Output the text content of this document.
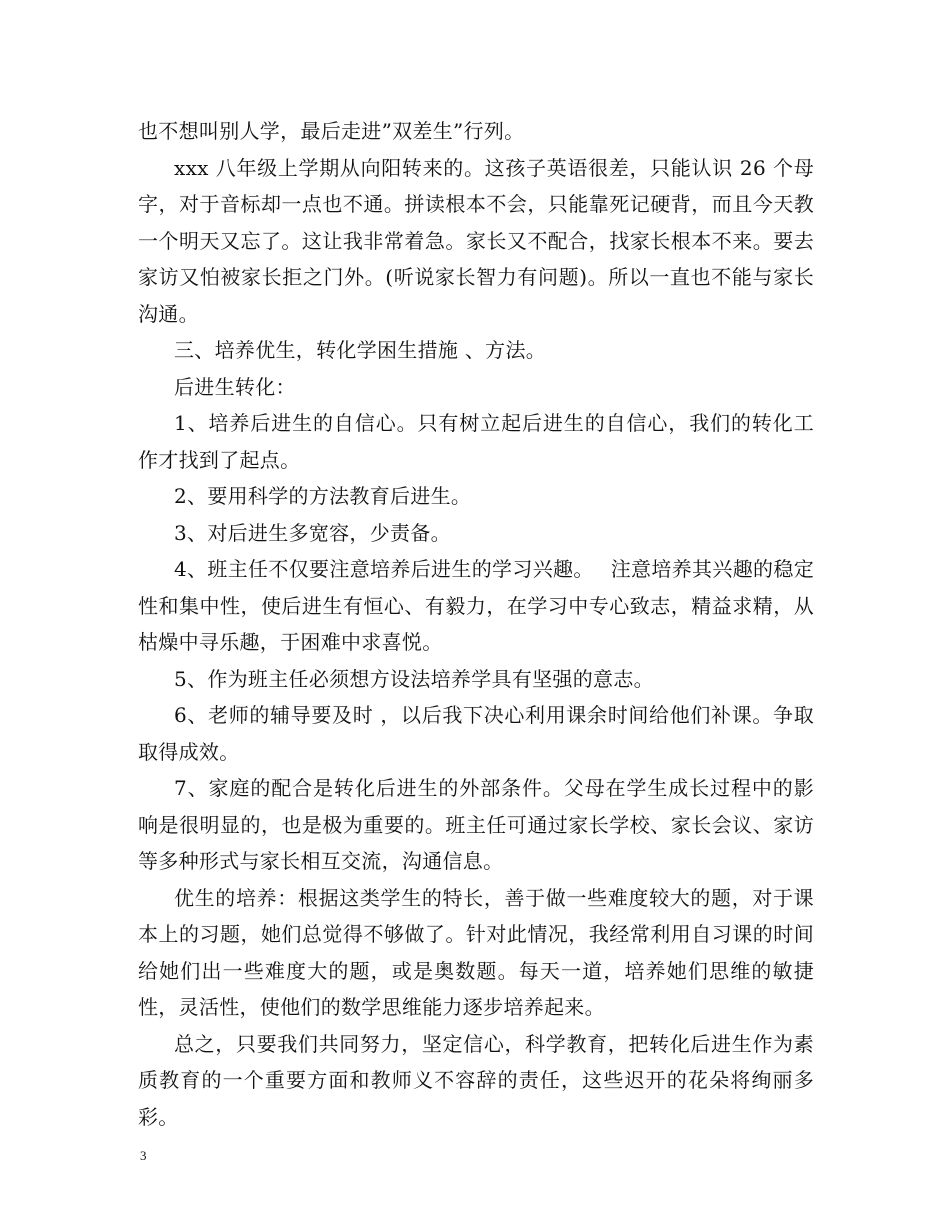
也不想叫别人学，最后走进”双差生”行列。

xxx 八年级上学期从向阳转来的。这孩子英语很差，只能认识 26 个母字，对于音标却一点也不通。拼读根本不会，只能靠死记硬背，而且今天教一个明天又忘了。这让我非常着急。家长又不配合，找家长根本不来。要去家访又怕被家长拒之门外。(听说家长智力有问题)。所以一直也不能与家长沟通。

三、培养优生，转化学困生措施 、方法。

后进生转化：

1、培养后进生的自信心。只有树立起后进生的自信心，我们的转化工作才找到了起点。

2、要用科学的方法教育后进生。

3、对后进生多宽容，少责备。

4、班主任不仅要注意培养后进生的学习兴趣。　 注意培养其兴趣的稳定性和集中性，使后进生有恒心、有毅力，在学习中专心致志，精益求精，从枯燥中寻乐趣，于困难中求喜悦。

5、作为班主任必须想方设法培养学具有坚强的意志。

6、老师的辅导要及时 ，以后我下决心利用课余时间给他们补课。争取取得成效。

7、家庭的配合是转化后进生的外部条件。父母在学生成长过程中的影响是很明显的，也是极为重要的。班主任可通过家长学校、家长会议、家访等多种形式与家长相互交流，沟通信息。

优生的培养：根据这类学生的特长，善于做一些难度较大的题，对于课本上的习题，她们总觉得不够做了。针对此情况，我经常利用自习课的时间给她们出一些难度大的题，或是奥数题。每天一道，培养她们思维的敏捷性，灵活性，使他们的数学思维能力逐步培养起来。

总之，只要我们共同努力，坚定信心，科学教育，把转化后进生作为素质教育的一个重要方面和教师义不容辞的责任，这些迟开的花朵将绚丽多彩。

3
